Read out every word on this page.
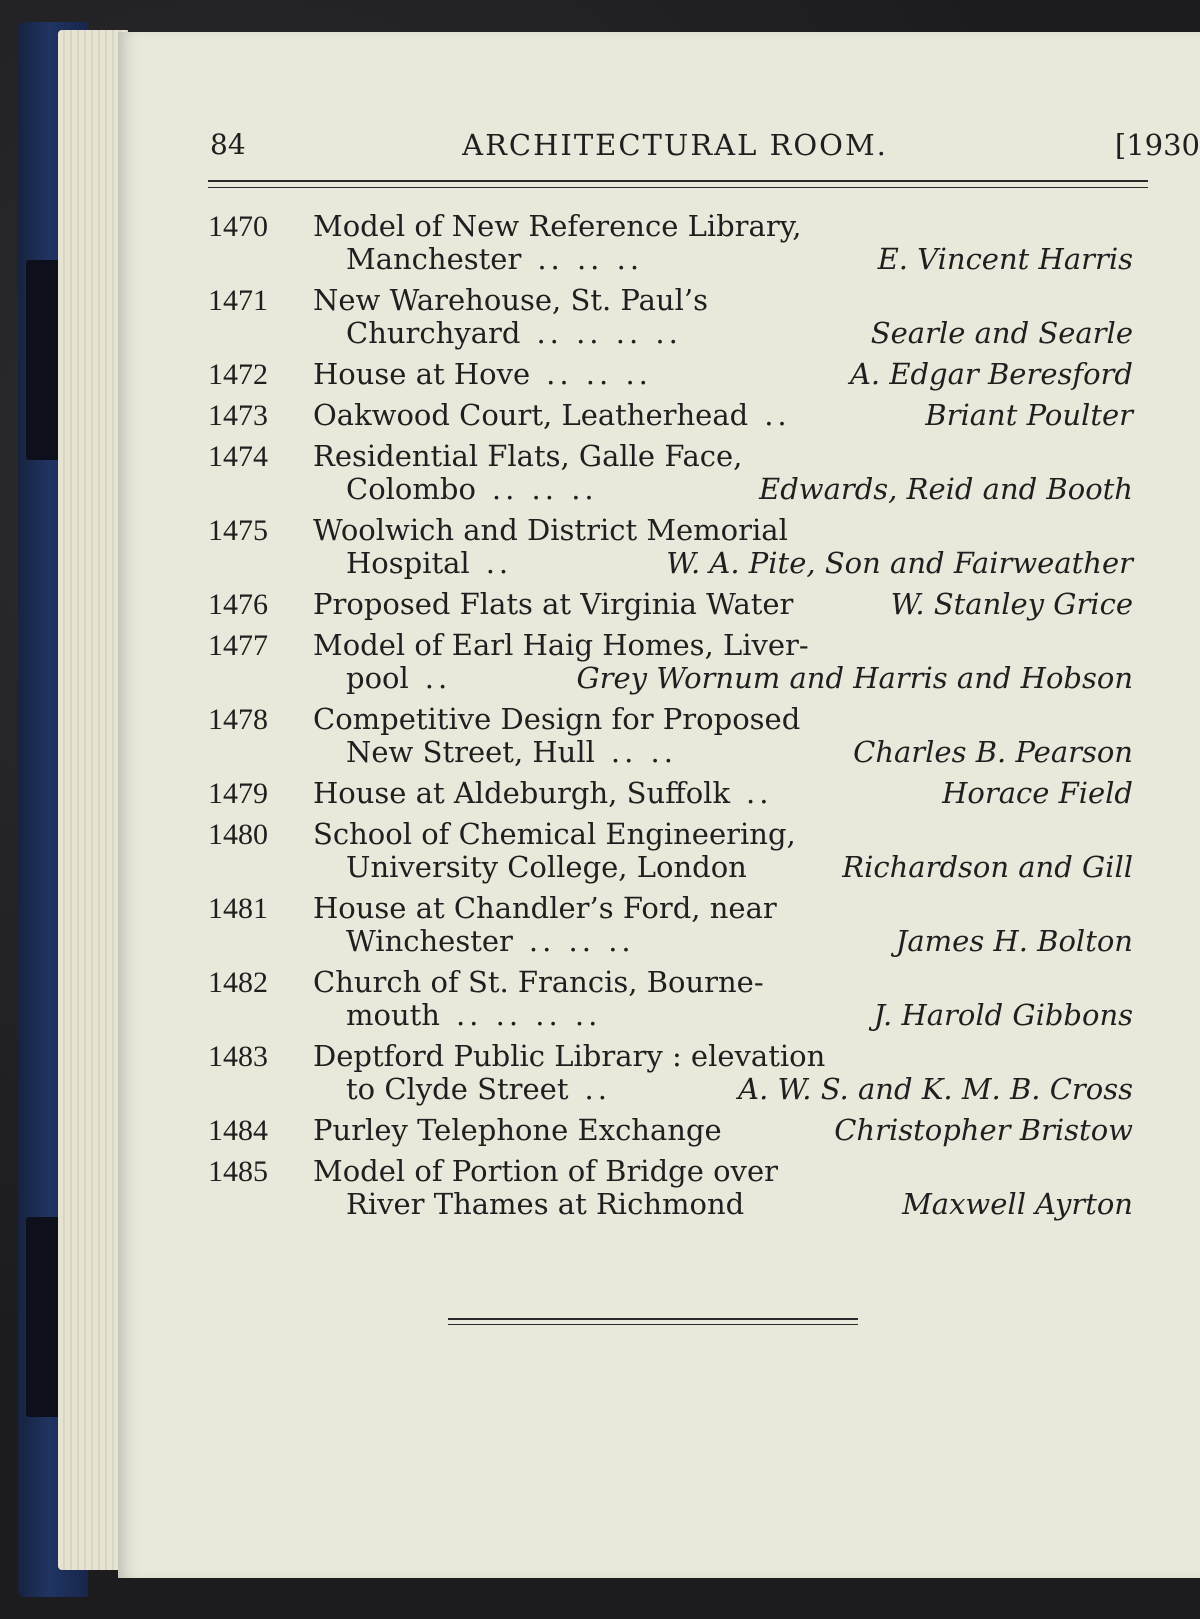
84	ARCHITECTURAL ROOM.	[1930
1470	Model of New Reference Library,
Manchester .. .. ..	E. Vincent Harris
1471	New Warehouse, St. Paul’s
Churchyard .. .. .. ..	Searle and Searle
1472	House at Hove .. .. ..	A. Edgar Beresford
1473	Oakwood Court, Leatherhead ..	Briant Poulter
1474	Residential Flats, Galle Face,
Colombo .. .. ..	Edwards, Reid and Booth
1475	Woolwich and District Memorial
Hospital ..	W. A. Pite, Son and Fairweather
1476	Proposed Flats at Virginia Water	W. Stanley Grice
1477	Model of Earl Haig Homes, Liver-
pool ..	Grey Wornum and Harris and Hobson
1478	Competitive Design for Proposed
New Street, Hull .. ..	Charles B. Pearson
1479	House at Aldeburgh, Suffolk ..	Horace Field
1480	School of Chemical Engineering,
University College, London	Richardson and Gill
1481	House at Chandler’s Ford, near
Winchester .. .. ..	James H. Bolton
1482	Church of St. Francis, Bourne-
mouth .. .. .. ..	J. Harold Gibbons
1483	Deptford Public Library : elevation
to Clyde Street ..	A. W. S. and K. M. B. Cross
1484	Purley Telephone Exchange	Christopher Bristow
1485	Model of Portion of Bridge over
River Thames at Richmond	Maxwell Ayrton
